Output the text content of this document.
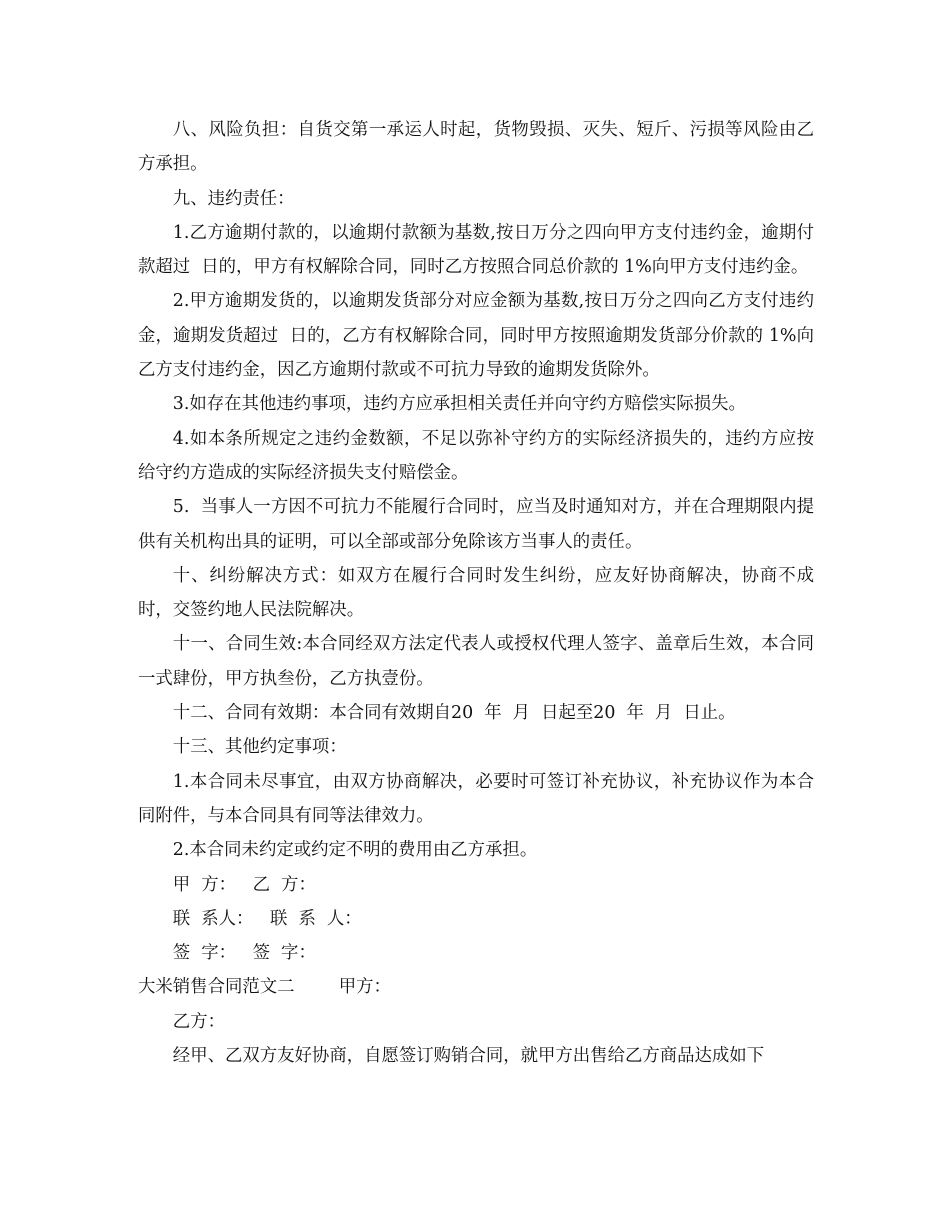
八、风险负担：自货交第一承运人时起，货物毁损、灭失、短斤、污损等风险由乙方承担。

九、违约责任：

1.乙方逾期付款的，以逾期付款额为基数,按日万分之四向甲方支付违约金，逾期付款超过  日的，甲方有权解除合同，同时乙方按照合同总价款的 1%向甲方支付违约金。

2.甲方逾期发货的，以逾期发货部分对应金额为基数,按日万分之四向乙方支付违约金，逾期发货超过  日的，乙方有权解除合同，同时甲方按照逾期发货部分价款的 1%向乙方支付违约金，因乙方逾期付款或不可抗力导致的逾期发货除外。

3.如存在其他违约事项，违约方应承担相关责任并向守约方赔偿实际损失。

4.如本条所规定之违约金数额，不足以弥补守约方的实际经济损失的，违约方应按给守约方造成的实际经济损失支付赔偿金。

5.  当事人一方因不可抗力不能履行合同时，应当及时通知对方，并在合理期限内提供有关机构出具的证明，可以全部或部分免除该方当事人的责任。

十、纠纷解决方式：如双方在履行合同时发生纠纷，应友好协商解决，协商不成时，交签约地人民法院解决。

十一、合同生效:本合同经双方法定代表人或授权代理人签字、盖章后生效，本合同一式肆份，甲方执叁份，乙方执壹份。

十二、合同有效期：本合同有效期自20  年  月  日起至20  年  月  日止。

十三、其他约定事项：

1.本合同未尽事宜，由双方协商解决，必要时可签订补充协议，补充协议作为本合同附件，与本合同具有同等法律效力。

2.本合同未约定或约定不明的费用由乙方承担。

甲  方：   乙  方：

联  系人：   联  系  人：

签  字：   签  字：

大米销售合同范文二        甲方：

乙方：

经甲、乙双方友好协商，自愿签订购销合同，就甲方出售给乙方商品达成如下
